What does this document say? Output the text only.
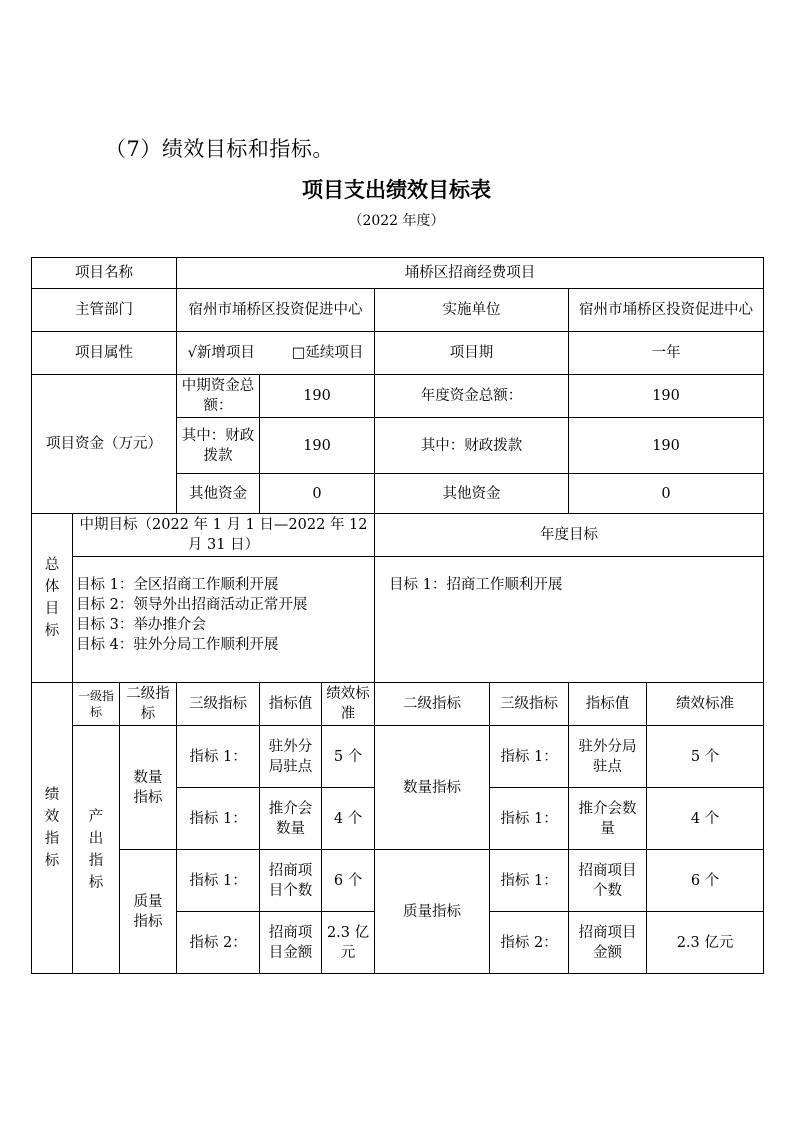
（7）绩效目标和指标。
项目支出绩效目标表
（2022 年度）
项目名称			埇桥区招商经费项目						
主管部门			宿州市埇桥区投资促进中心			实施单位		宿州市埇桥区投资促进中心	
项目属性			√新增项目 □延续项目			项目期		一年	
项目资金（万元）			中期资金总额：	190		年度资金总额：		190	
			其中：财政拨款	190		其中：财政拨款		190	
			其他资金	0		其他资金		0	
总体目标	中期目标（2022 年 1 月 1 日—2022 年 12 月 31 日）					年度目标			

	目标 1：全区招商工作顺利开展
目标 2：领导外出招商活动正常开展
目标 3：举办推介会
目标 4：驻外分局工作顺利开展					目标 1：招商工作顺利开展			

绩效指标	一级指标	二级指标	三级指标	指标值	绩效标准	二级指标	三级指标	指标值	绩效标准
	产出指标	数量指标	指标 1：	驻外分局驻点	5 个	数量指标	指标 1：	驻外分局驻点	5 个
			指标 1：	推介会数量	4 个		指标 1：	推介会数量	4 个
		质量指标	指标 1：	招商项目个数	6 个	质量指标	指标 1：	招商项目个数	6 个
			指标 2：	招商项目金额	2.3 亿元		指标 2：	招商项目金额	2.3 亿元
